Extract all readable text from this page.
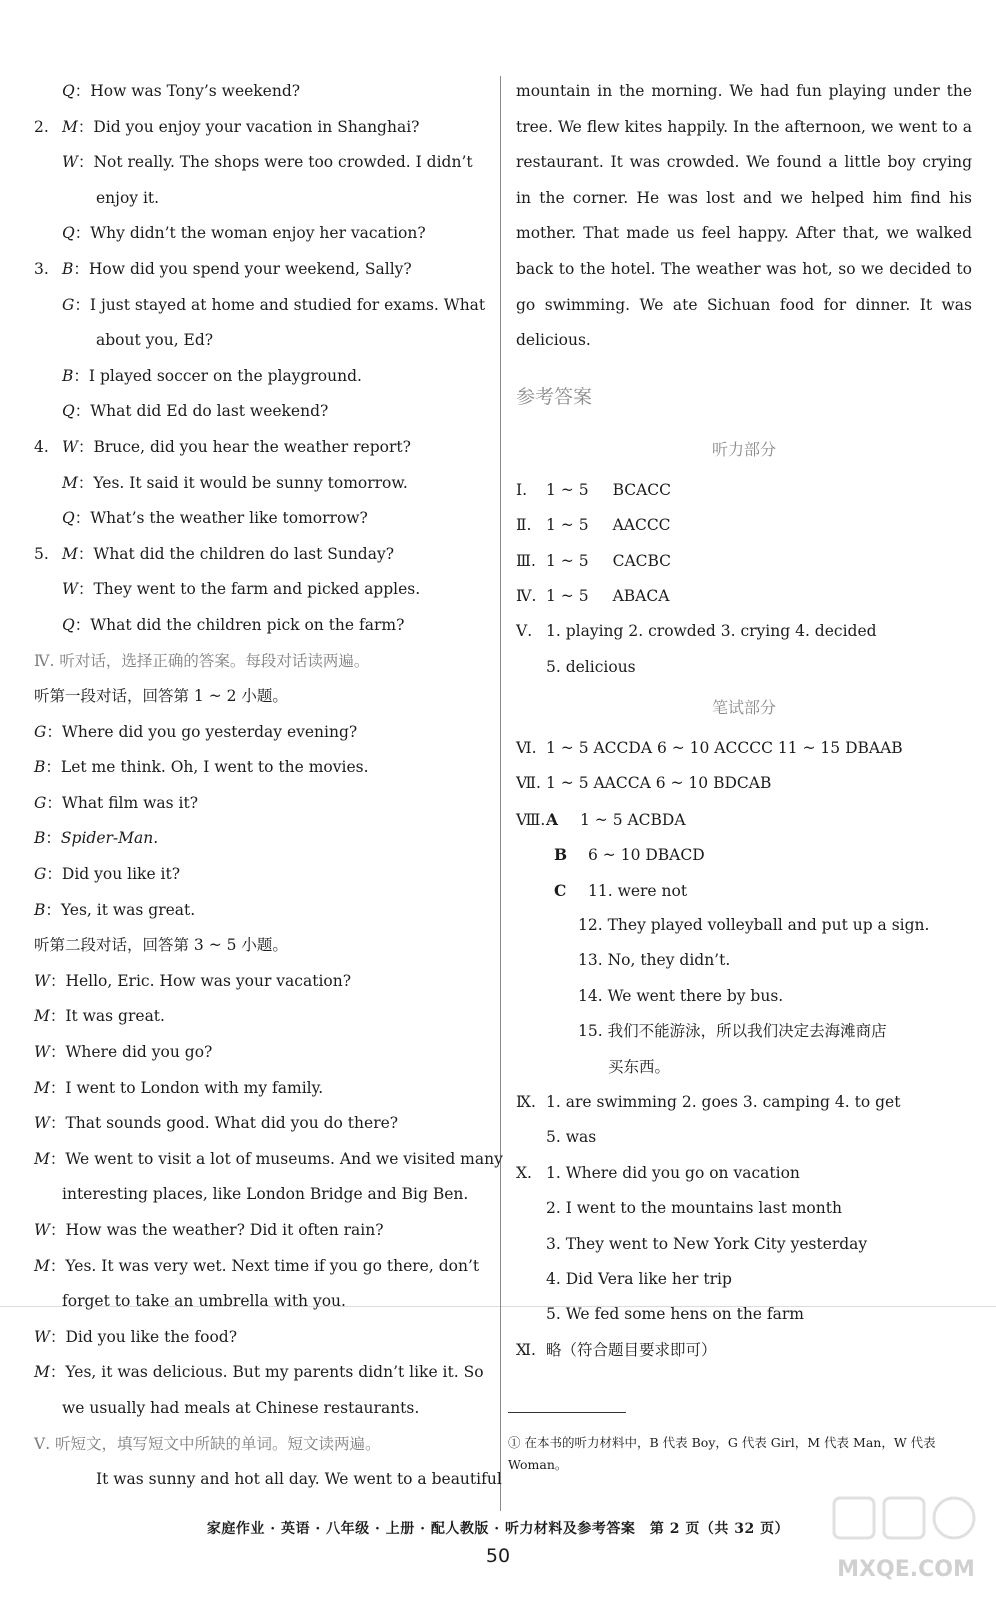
Q：How was Tony’s weekend?
2. M：Did you enjoy your vacation in Shanghai?
W：Not really. The shops were too crowded. I didn’t
enjoy it.
Q：Why didn’t the woman enjoy her vacation?
3. B：How did you spend your weekend, Sally?
G：I just stayed at home and studied for exams. What
about you, Ed?
B：I played soccer on the playground.
Q：What did Ed do last weekend?
4. W：Bruce, did you hear the weather report?
M：Yes. It said it would be sunny tomorrow.
Q：What’s the weather like tomorrow?
5. M：What did the children do last Sunday?
W：They went to the farm and picked apples.
Q：What did the children pick on the farm?
Ⅳ. 听对话，选择正确的答案。每段对话读两遍。
听第一段对话，回答第 1 ~ 2 小题。
G：Where did you go yesterday evening?
B：Let me think. Oh, I went to the movies.
G：What film was it?
B：Spider-Man.
G：Did you like it?
B：Yes, it was great.
听第二段对话，回答第 3 ~ 5 小题。
W：Hello, Eric. How was your vacation?
M：It was great.
W：Where did you go?
M：I went to London with my family.
W：That sounds good. What did you do there?
M：We went to visit a lot of museums. And we visited many
interesting places, like London Bridge and Big Ben.
W：How was the weather? Did it often rain?
M：Yes. It was very wet. Next time if you go there, don’t
forget to take an umbrella with you.
W：Did you like the food?
M：Yes, it was delicious. But my parents didn’t like it. So
we usually had meals at Chinese restaurants.
Ⅴ. 听短文，填写短文中所缺的单词。短文读两遍。
It was sunny and hot all day. We went to a beautiful

mountain in the morning. We had fun playing under the tree. We flew kites happily. In the afternoon, we went to a restaurant. It was crowded. We found a little boy crying in the corner. He was lost and we helped him find his mother. That made us feel happy. After that, we walked back to the hotel. The weather was hot, so we decided to go swimming. We ate Sichuan food for dinner. It was delicious.

参考答案
听力部分
Ⅰ. 1 ~ 5 BCACC
Ⅱ. 1 ~ 5 AACCC
Ⅲ. 1 ~ 5 CACBC
Ⅳ. 1 ~ 5 ABACA
Ⅴ. 1. playing 2. crowded 3. crying 4. decided
5. delicious
笔试部分
Ⅵ. 1 ~ 5 ACCDA 6 ~ 10 ACCCC 11 ~ 15 DBAAB
Ⅶ. 1 ~ 5 AACCA 6 ~ 10 BDCAB
Ⅷ.A 1 ~ 5 ACBDA
B 6 ~ 10 DBACD
C 11. were not
12. They played volleyball and put up a sign.
13. No, they didn’t.
14. We went there by bus.
15. 我们不能游泳，所以我们决定去海滩商店
买东西。
Ⅸ. 1. are swimming 2. goes 3. camping 4. to get
5. was
Ⅹ. 1. Where did you go on vacation
2. I went to the mountains last month
3. They went to New York City yesterday
4. Did Vera like her trip
5. We fed some hens on the farm
Ⅺ. 略（符合题目要求即可）
① 在本书的听力材料中，B 代表 Boy，G 代表 Girl，M 代表 Man，W 代表 Woman。
家庭作业 · 英语 · 八年级 · 上册 · 配人教版 · 听力材料及参考答案　第 2 页（共 32 页）
50
MXQE.COM
